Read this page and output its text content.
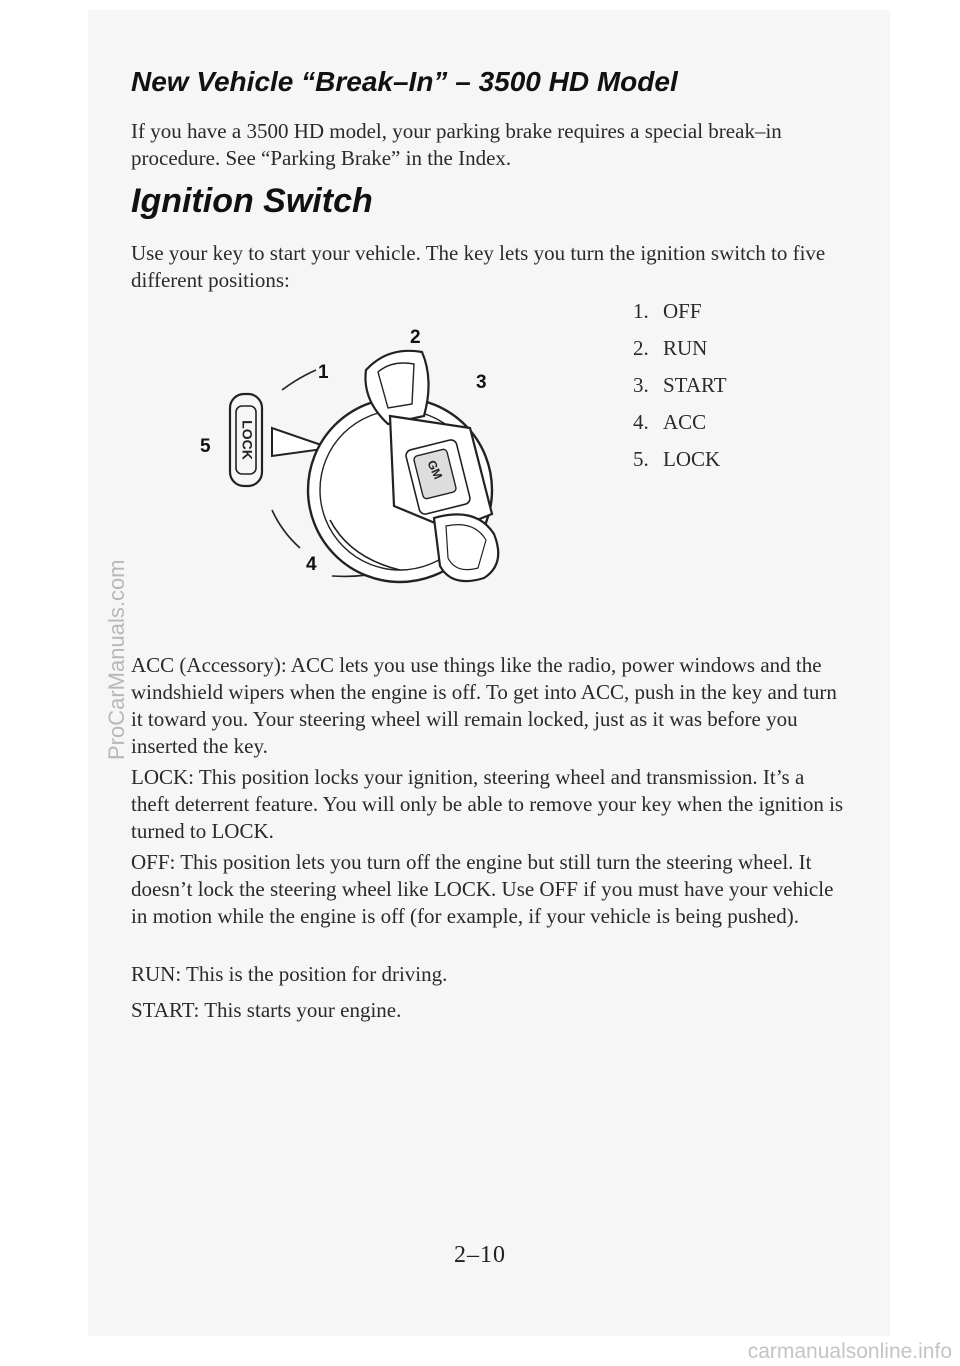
New Vehicle “Break–In” – 3500 HD Model

If you have a 3500 HD model, your parking brake requires a special break–in procedure. See “Parking Brake” in the Index.

Ignition Switch

Use your key to start your vehicle. The key lets you turn the ignition switch to five different positions:

2
1	3
5
4
LOCK
GM
1. OFF
2. RUN
3. START
4. ACC
5. LOCK

ACC (Accessory): ACC lets you use things like the radio, power windows and the windshield wipers when the engine is off. To get into ACC, push in the key and turn it toward you. Your steering wheel will remain locked, just as it was before you inserted the key.

LOCK: This position locks your ignition, steering wheel and transmission. It’s a theft deterrent feature. You will only be able to remove your key when the ignition is turned to LOCK.

OFF: This position lets you turn off the engine but still turn the steering wheel. It doesn’t lock the steering wheel like LOCK. Use OFF if you must have your vehicle in motion while the engine is off (for example, if your vehicle is being pushed).

RUN: This is the position for driving.

START: This starts your engine.

2–10
ProCarManuals.com
carmanualsonline.info
